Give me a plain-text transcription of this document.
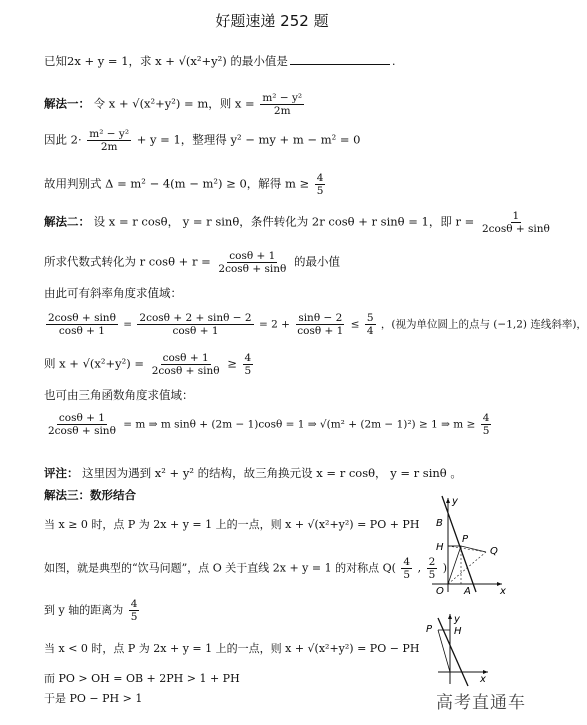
好题速递 252 题
已知2x + y = 1，求 x + √(x²+y²) 的最小值是	.
解法一： 令 x + √(x²+y²) = m，则 $x = \frac{\text{m² − y²}}{2m}$
因此 $2\cdot \frac{\text{m² − y²}}{2m} + y = 1$，整理得 y² − my + m − m² = 0
故用判别式 Δ = m² − 4(m − m²) ≥ 0，解得 $m \ge \frac{4}{5}$
解法二： 设 x = r cosθ， y = r sinθ，条件转化为 2r cosθ + r sinθ = 1，即 $r = \frac{1}{2\cos\theta + \sin\theta}$
所求代数式转化为 r $\cos\theta + r = \frac{\cos\theta + 1}{2\cos\theta + \sin\theta}$ 的最小值
由此可有斜率角度求值域：
$\frac{2\cos\theta + \sin\theta}{\cos\theta + 1} = \frac{2\cos\theta + 2 + \sin\theta - 2}{\cos\theta + 1} = 2 + \frac{\sin\theta - 2}{\cos\theta + 1} \le \frac{5}{4}$ ，(视为单位圆上的点与 (−1,2) 连线斜率)，
则 $x + √(x^2+y^2) = \frac{\cos\theta + 1}{2\cos\theta + \sin\theta} \ge \frac{4}{5}$
也可由三角函数角度求值域：
$\frac{\cos\theta + 1}{2\cos\theta + \sin\theta} = m$ ⇒ m sinθ + (2m − 1)cosθ = 1 ⇒ √(m² + (2m − 1)²) ≥ 1 ⇒ $m \ge \frac{4}{5}$
评注： 这里因为遇到 x² + y² 的结构，故三角换元设 x = r cosθ， y = r sinθ 。
解法三：数形结合
当 x ≥ 0 时，点 P 为 2x + y = 1 上的一点，则 x + √(x²+y²) = PO + PH
如图，就是典型的“饮马问题”，点 O 关于直线 2x + y = 1 的对称点 $Q( \frac{4}{5}$ , $\frac{2}{5}$ )
到 y 轴的距离为 $\frac{4}{5}$
当 x < 0 时，点 P 为 2x + y = 1 上的一点，则 x + √(x²+y²) = PO − PH
而 PO > OH = OB + 2PH > 1 + PH
于是 PO − PH > 1
y
x
B
H
P
Q
O A
y
x
P H
高考直通车
